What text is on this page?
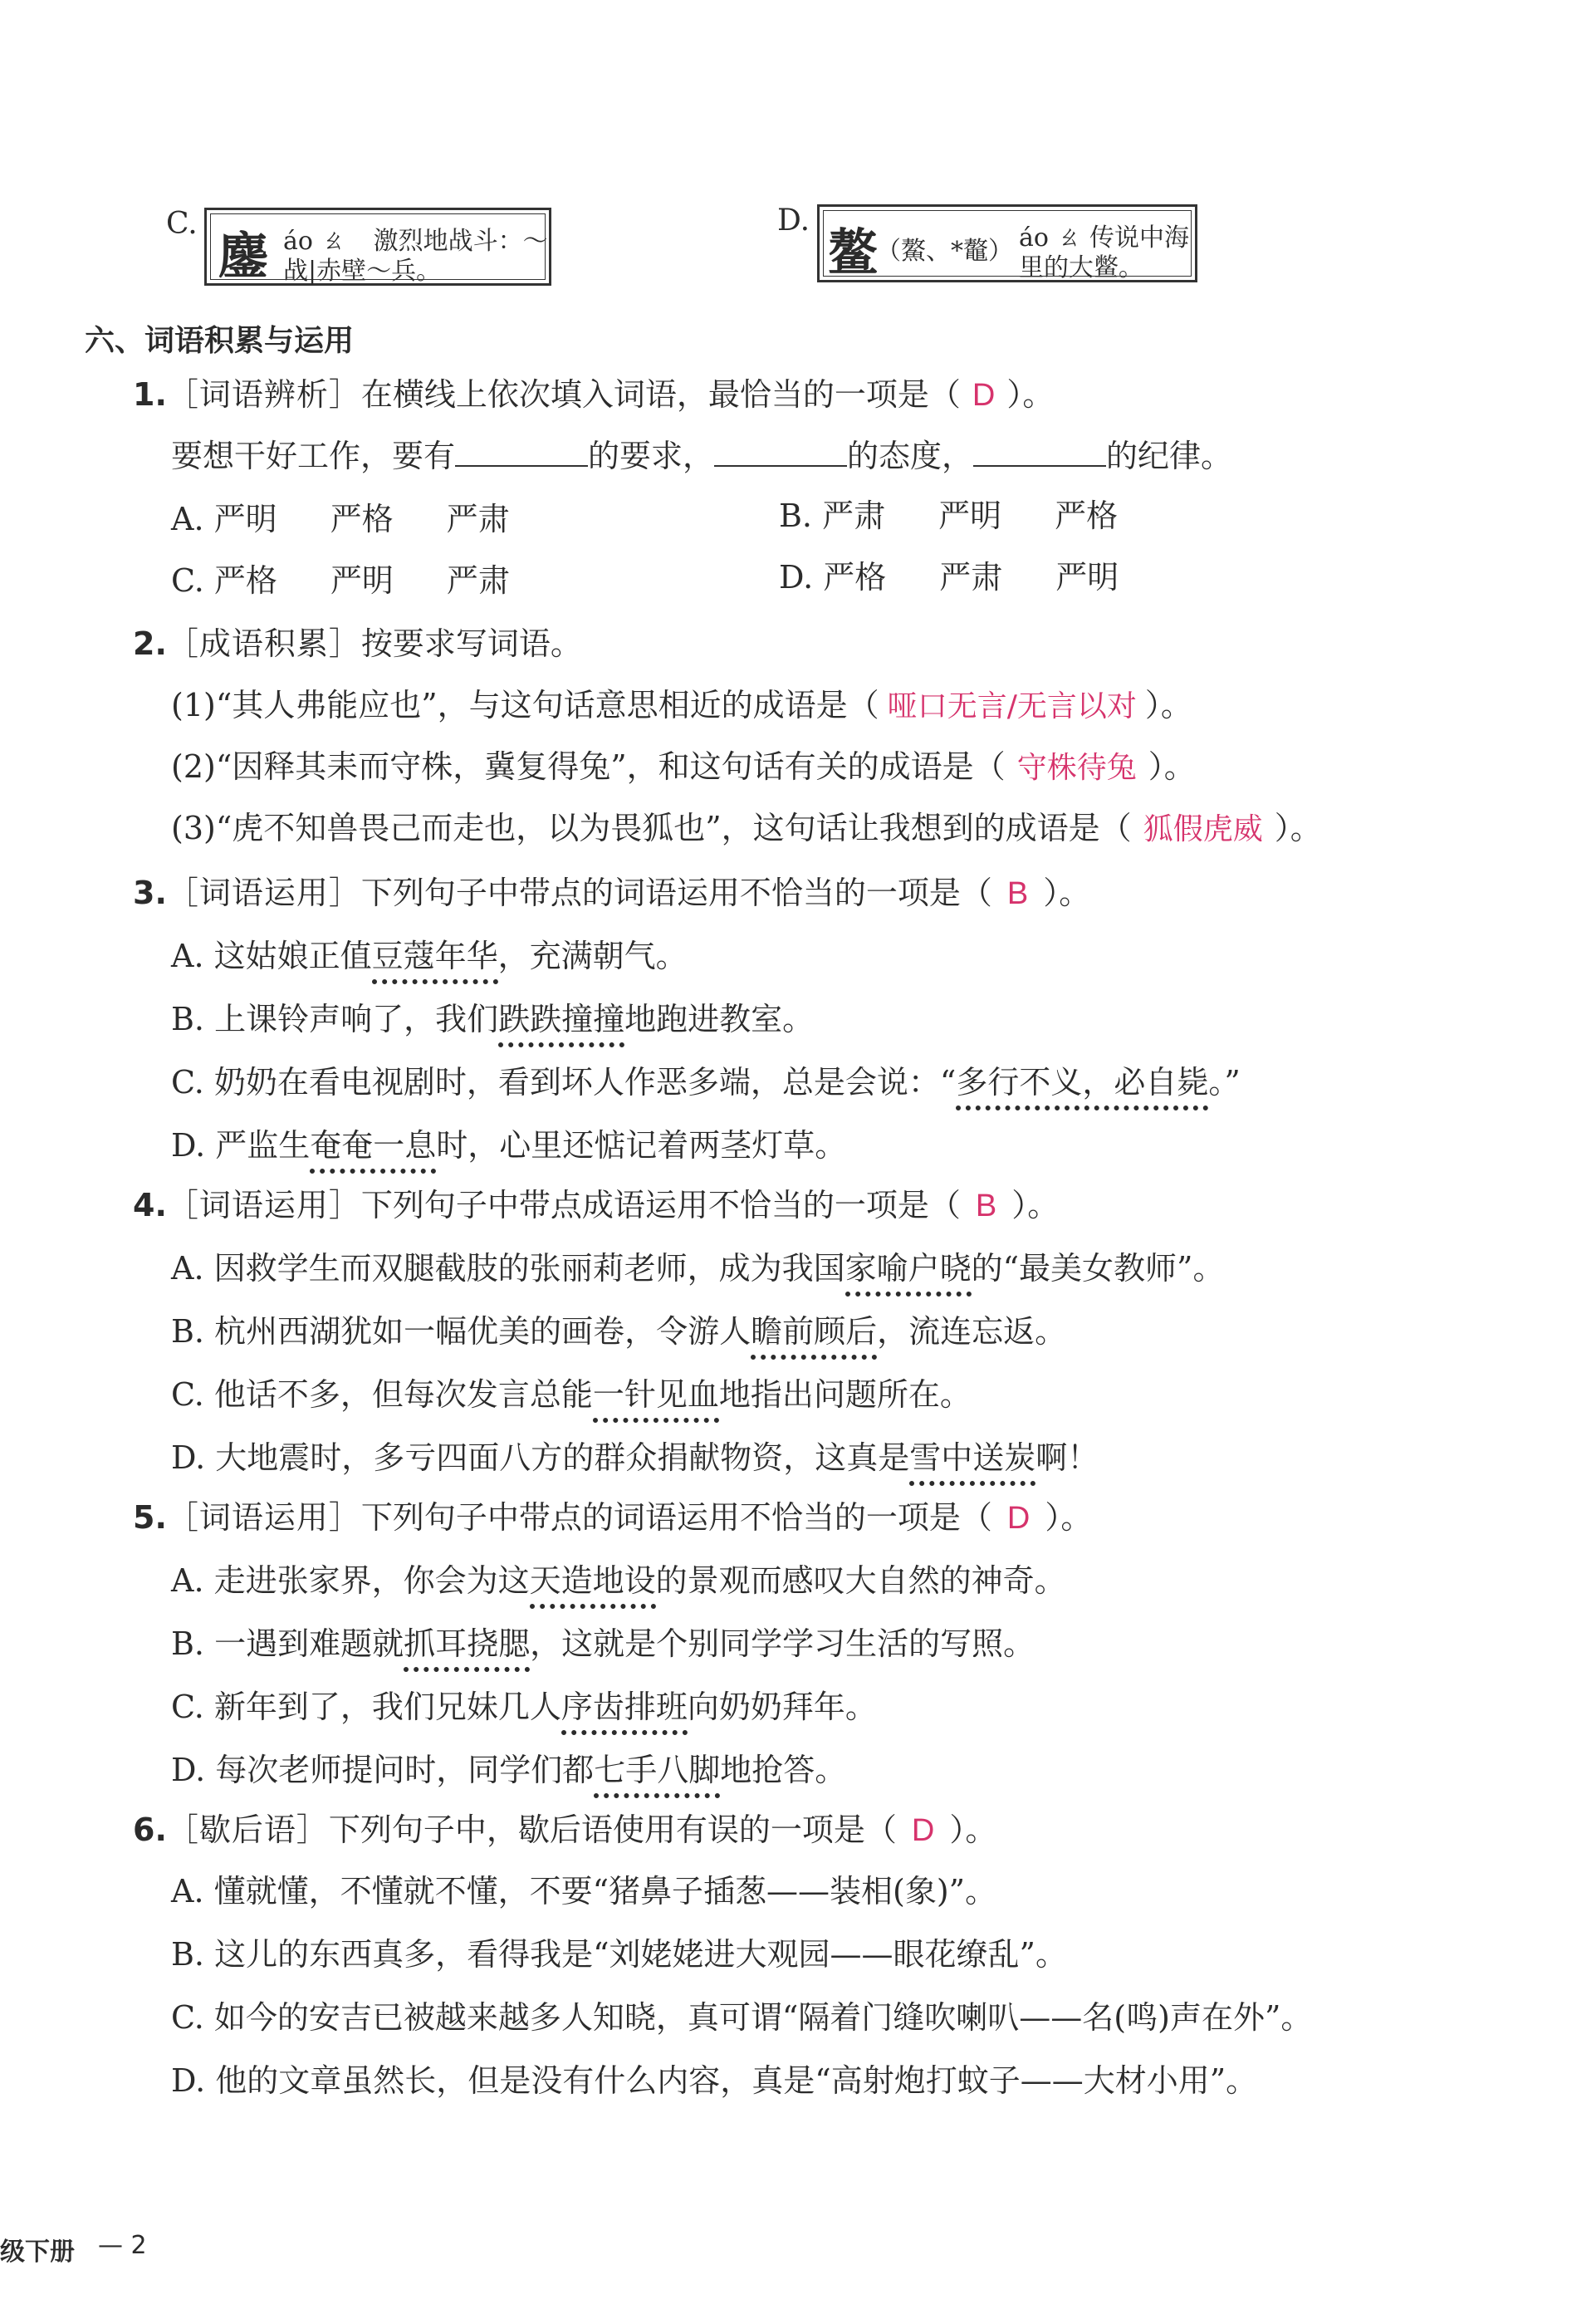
C.
鏖 áo ㄠ 激烈地战斗：～
战|赤壁～兵。
D.
鳌
（鰲、*鼇） áo ㄠ 传说中海
里的大鳖。
六、词语积累与运用
1.［词语辨析］在横线上依次填入词语，最恰当的一项是（ D ）。
要想干好工作，要有	的要求，	的态度，	的纪律。
A. 严明 严格 严肃	B. 严肃 严明 严格
C. 严格 严明 严肃	D. 严格 严肃 严明
2.［成语积累］按要求写词语。
(1)“其人弗能应也”，与这句话意思相近的成语是（ 哑口无言/无言以对 ）。
(2)“因释其耒而守株，冀复得兔”，和这句话有关的成语是（ 守株待兔 ）。
(3)“虎不知兽畏己而走也，以为畏狐也”，这句话让我想到的成语是（ 狐假虎威 ）。
3.［词语运用］下列句子中带点的词语运用不恰当的一项是（ B ）。
A. 这姑娘正值豆蔻年华，充满朝气。
B. 上课铃声响了，我们跌跌撞撞地跑进教室。
C. 奶奶在看电视剧时，看到坏人作恶多端，总是会说：“多行不义，必自毙。”
D. 严监生奄奄一息时，心里还惦记着两茎灯草。
4.［词语运用］下列句子中带点成语运用不恰当的一项是（ B ）。
A. 因救学生而双腿截肢的张丽莉老师，成为我国家喻户晓的“最美女教师”。
B. 杭州西湖犹如一幅优美的画卷，令游人瞻前顾后，流连忘返。
C. 他话不多，但每次发言总能一针见血地指出问题所在。
D. 大地震时，多亏四面八方的群众捐献物资，这真是雪中送炭啊！
5.［词语运用］下列句子中带点的词语运用不恰当的一项是（ D ）。
A. 走进张家界，你会为这天造地设的景观而感叹大自然的神奇。
B. 一遇到难题就抓耳挠腮，这就是个别同学学习生活的写照。
C. 新年到了，我们兄妹几人序齿排班向奶奶拜年。
D. 每次老师提问时，同学们都七手八脚地抢答。
6.［歇后语］下列句子中，歇后语使用有误的一项是（ D ）。
A. 懂就懂，不懂就不懂，不要“猪鼻子插葱——装相(象)”。
B. 这儿的东西真多，看得我是“刘姥姥进大观园——眼花缭乱”。
C. 如今的安吉已被越来越多人知晓，真可谓“隔着门缝吹喇叭——名(鸣)声在外”。
D. 他的文章虽然长，但是没有什么内容，真是“高射炮打蚊子——大材小用”。
级下册 — 2
